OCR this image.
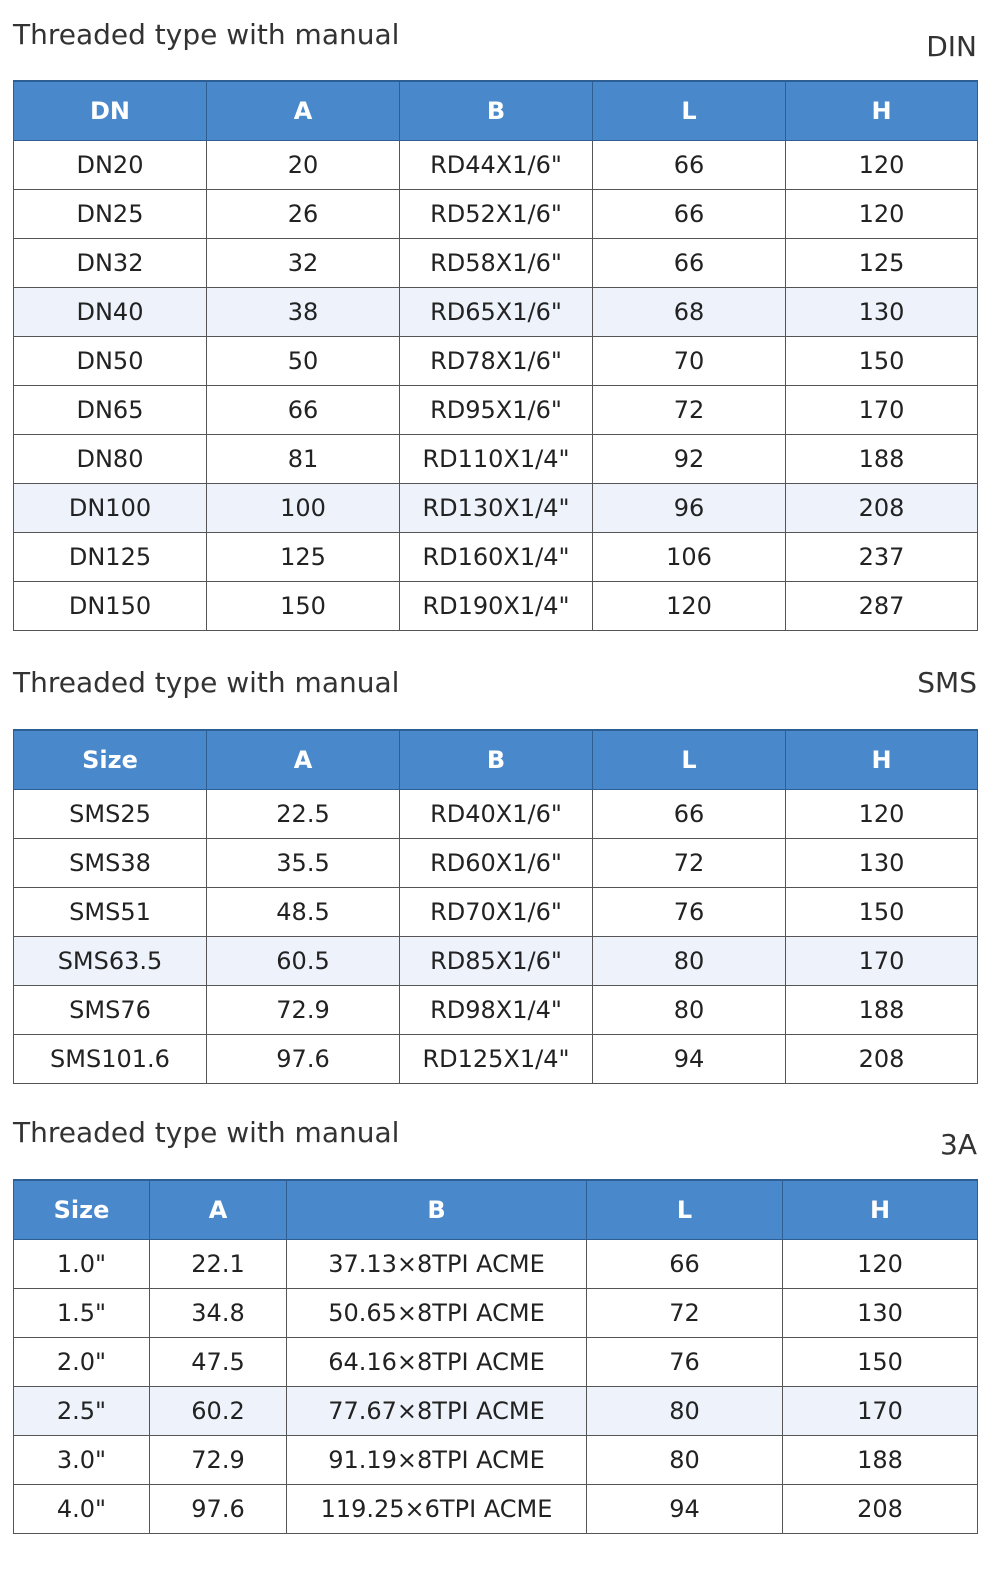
Threaded type with manual	DIN
DN	A	B	L	H
DN20	20	RD44X1/6"	66	120
DN25	26	RD52X1/6"	66	120
DN32	32	RD58X1/6"	66	125
DN40	38	RD65X1/6"	68	130
DN50	50	RD78X1/6"	70	150
DN65	66	RD95X1/6"	72	170
DN80	81	RD110X1/4"	92	188
DN100	100	RD130X1/4"	96	208
DN125	125	RD160X1/4"	106	237
DN150	150	RD190X1/4"	120	287
Threaded type with manual	SMS
Size	A	B	L	H
SMS25	22.5	RD40X1/6"	66	120
SMS38	35.5	RD60X1/6"	72	130
SMS51	48.5	RD70X1/6"	76	150
SMS63.5	60.5	RD85X1/6"	80	170
SMS76	72.9	RD98X1/4"	80	188
SMS101.6	97.6	RD125X1/4"	94	208
Threaded type with manual	3A
Size	A	B	L	H
1.0"	22.1	37.13×8TPI ACME	66	120
1.5"	34.8	50.65×8TPI ACME	72	130
2.0"	47.5	64.16×8TPI ACME	76	150
2.5"	60.2	77.67×8TPI ACME	80	170
3.0"	72.9	91.19×8TPI ACME	80	188
4.0"	97.6	119.25×6TPI ACME	94	208
